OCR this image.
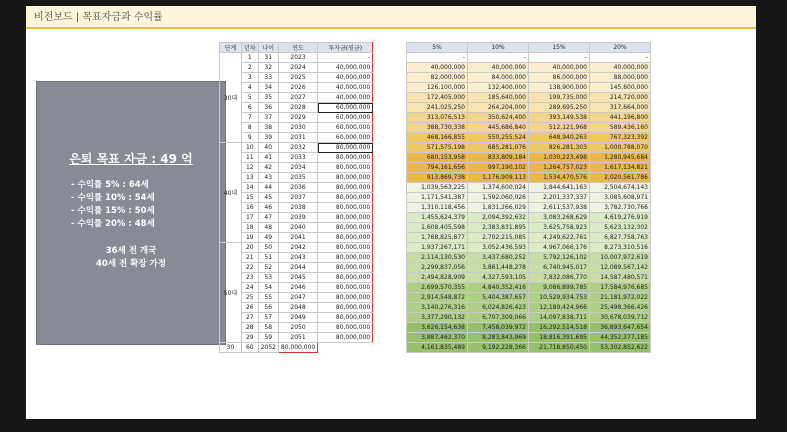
비전보드 | 목표자금과 수익률
은퇴 목표 자금 : 49 억
- 수익률 5% : 64세
- 수익률 10% : 54세
- 수익률 15% : 50세
- 수익률 20% : 48세
36세 전 개국
40세 전 확장 가정
단계	년차	나이	연도	투자금(원금)
30대	1	31	2023	-
	2	32	2024	40,000,000
	3	33	2025	40,000,000
	4	34	2026	40,000,000
	5	35	2027	40,000,000
	6	36	2028	60,000,000
	7	37	2029	60,000,000
	8	38	2030	60,000,000
	9	39	2031	60,000,000
40대	10	40	2032	80,000,000
	11	41	2033	80,000,000
	12	42	2034	80,000,000
	13	43	2035	80,000,000
	14	44	2036	80,000,000
	15	45	2037	80,000,000
	16	46	2038	80,000,000
	17	47	2039	80,000,000
	18	48	2040	80,000,000
	19	49	2041	80,000,000
50대	20	50	2042	80,000,000
	21	51	2043	80,000,000
	22	52	2044	80,000,000
	23	53	2045	80,000,000
	24	54	2046	80,000,000
	25	55	2047	80,000,000
	26	56	2048	80,000,000
	27	57	2049	80,000,000
	28	58	2050	80,000,000
	29	59	2051	80,000,000
30	60	2052	80,000,000	
5%	10%	15%	20%
-	-	-	-
40,000,000	40,000,000	40,000,000	40,000,000
82,000,000	84,000,000	86,000,000	88,000,000
126,100,000	132,400,000	138,900,000	145,600,000
172,405,000	185,640,000	199,735,000	214,720,000
241,025,250	264,204,000	289,695,250	317,664,000
313,076,513	350,624,400	393,149,538	441,196,800
388,730,338	445,686,840	512,121,968	589,436,160
468,166,855	550,255,524	648,940,263	767,323,392
571,575,198	685,281,076	826,281,303	1,000,788,070
680,153,958	833,809,184	1,030,223,498	1,280,945,684
794,161,656	997,190,102	1,264,757,023	1,617,134,821
913,869,738	1,176,909,113	1,534,470,576	2,020,561,786
1,039,563,225	1,374,600,024	1,844,641,163	2,504,674,143
1,171,541,387	1,592,060,026	2,201,337,337	3,085,608,971
1,310,118,456	1,831,266,029	2,611,537,938	3,782,730,766
1,455,624,379	2,094,392,632	3,083,268,629	4,619,276,919
1,608,405,598	2,383,831,895	3,625,758,923	5,623,132,302
1,768,825,877	2,702,215,085	4,249,622,761	6,827,758,763
1,937,267,171	3,052,436,593	4,967,066,176	8,273,310,516
2,114,130,530	3,437,680,252	5,792,126,102	10,007,972,619
2,299,837,056	3,861,448,278	6,740,945,017	12,089,567,142
2,494,828,909	4,327,593,105	7,832,086,770	14,587,480,571
2,699,570,355	4,840,352,416	9,086,899,785	17,584,976,685
2,914,548,872	5,404,387,657	10,529,934,753	21,181,972,022
3,140,276,316	6,024,826,423	12,189,424,966	25,498,366,426
3,377,290,132	6,707,309,066	14,097,838,711	30,678,039,712
3,626,154,638	7,458,039,972	16,292,514,518	36,893,647,654
3,887,462,370	8,283,843,969	18,816,391,695	44,352,377,185
4,161,835,489	9,192,228,366	21,718,850,450	53,302,852,622
